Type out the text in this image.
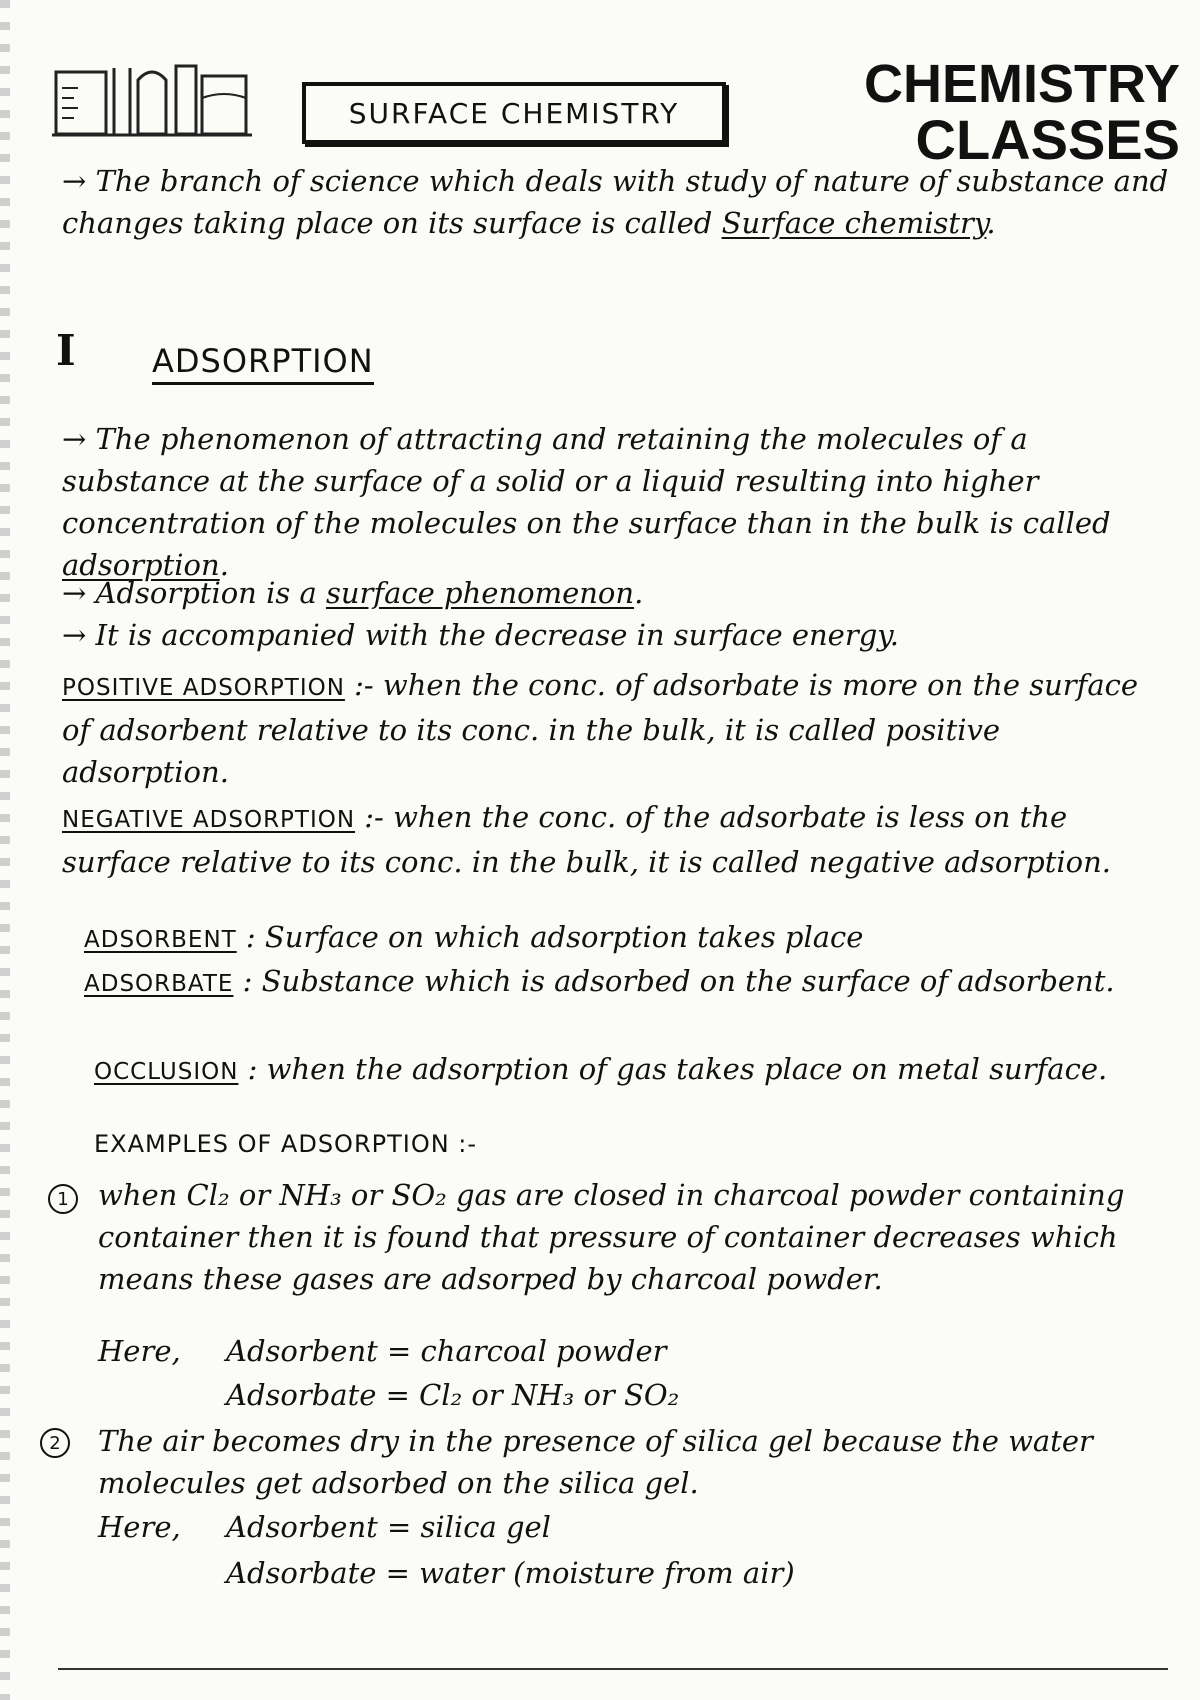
SURFACE CHEMISTRY	CHEMISTRY
CLASSES
→ The branch of science which deals with study of nature of substance and changes taking place on its surface is called Surface chemistry.
I ADSORPTION
→ The phenomenon of attracting and retaining the molecules of a substance at the surface of a solid or a liquid resulting into higher concentration of the molecules on the surface than in the bulk is called adsorption.
→ Adsorption is a surface phenomenon.
→ It is accompanied with the decrease in surface energy.
POSITIVE ADSORPTION :- when the conc. of adsorbate is more on the surface of adsorbent relative to its conc. in the bulk, it is called positive adsorption.
NEGATIVE ADSORPTION :- when the conc. of the adsorbate is less on the surface relative to its conc. in the bulk, it is called negative adsorption.
ADSORBENT : Surface on which adsorption takes place
ADSORBATE : Substance which is adsorbed on the surface of adsorbent.
OCCLUSION : when the adsorption of gas takes place on metal surface.
EXAMPLES OF ADSORPTION :-
1	when Cl₂ or NH₃ or SO₂ gas are closed in charcoal powder containing container then it is found that pressure of container decreases which means these gases are adsorped by charcoal powder.
Here, Adsorbent = charcoal powder
Adsorbate = Cl₂ or NH₃ or SO₂
2	The air becomes dry in the presence of silica gel because the water molecules get adsorbed on the silica gel.
Here, Adsorbent = silica gel
Adsorbate = water (moisture from air)
